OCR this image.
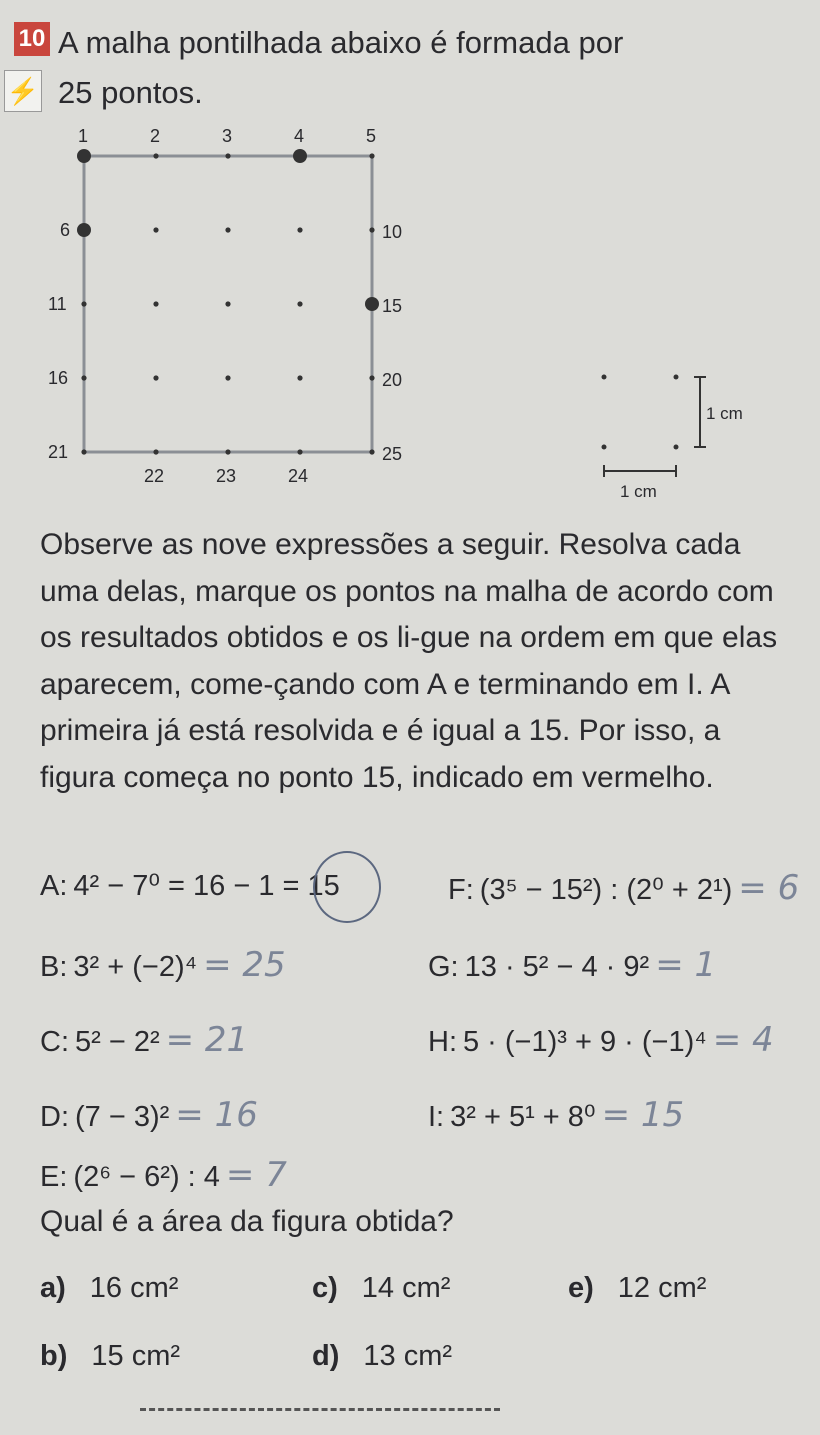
10
⚡
A malha pontilhada abaixo é formada por
25 pontos.
1	2	3	4	5
6	10
11	15
16	20
21
22	23	24
25
1 cm
1 cm

Observe as nove expressões a seguir. Resolva cada uma delas, marque os pontos na malha de acordo com os resultados obtidos e os li-gue na ordem em que elas aparecem, come-çando com A e terminando em I. A primeira já está resolvida e é igual a 15. Por isso, a figura começa no ponto 15, indicado em vermelho.

A: 4² − 7⁰ = 16 − 1 = 15
B: 3² + (−2)⁴ = 25
C: 5² − 2² = 21
D: (7 − 3)² = 16
E: (2⁶ − 6²) : 4 = 7
F: (3⁵ − 15²) : (2⁰ + 2¹) = 6
G: 13 · 5² − 4 · 9² = 1
H: 5 · (−1)³ + 9 · (−1)⁴ = 4
I: 3² + 5¹ + 8⁰ = 15
Qual é a área da figura obtida?
a) 16 cm²	c) 14 cm²	e) 12 cm²
b) 15 cm²	d) 13 cm²
